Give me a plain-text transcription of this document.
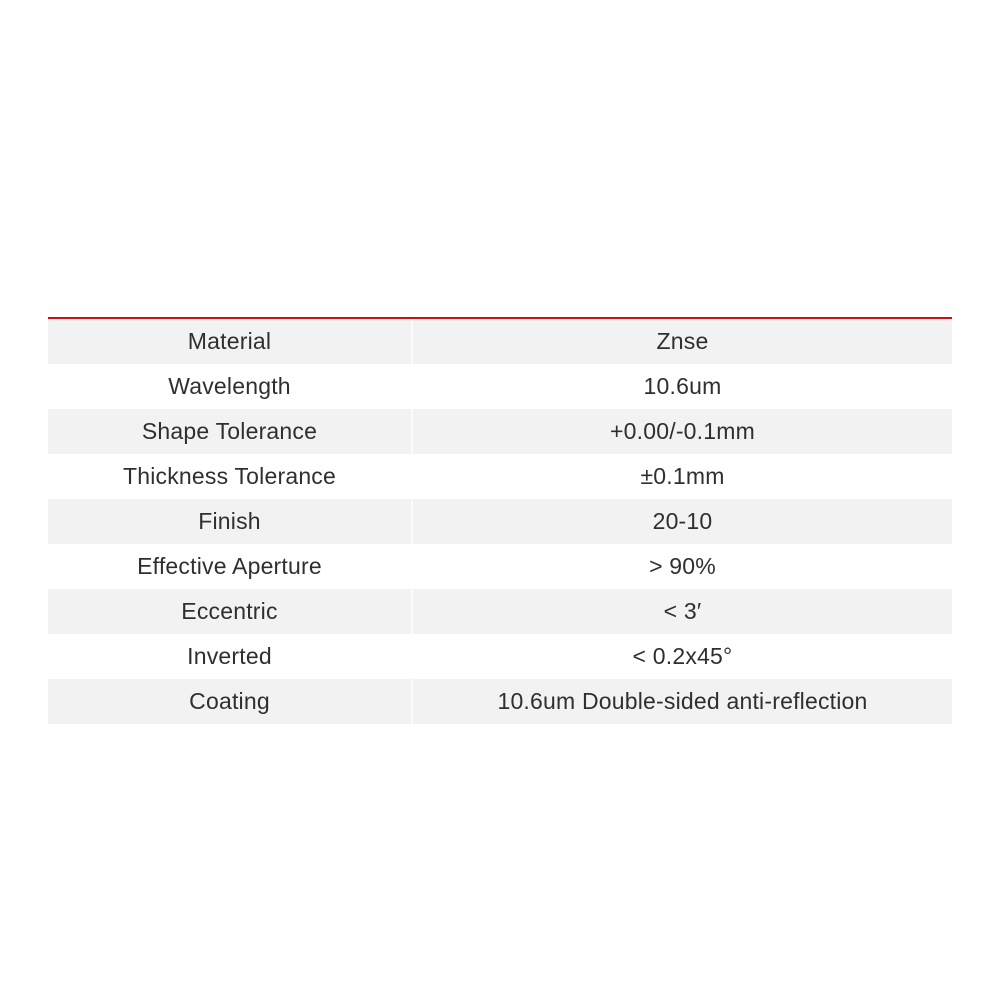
Material	Znse
Wavelength	10.6um
Shape Tolerance	+0.00/-0.1mm
Thickness Tolerance	±0.1mm
Finish	20-10
Effective Aperture	> 90%
Eccentric	< 3′
Inverted	< 0.2x45°
Coating	10.6um Double-sided anti-reflection
